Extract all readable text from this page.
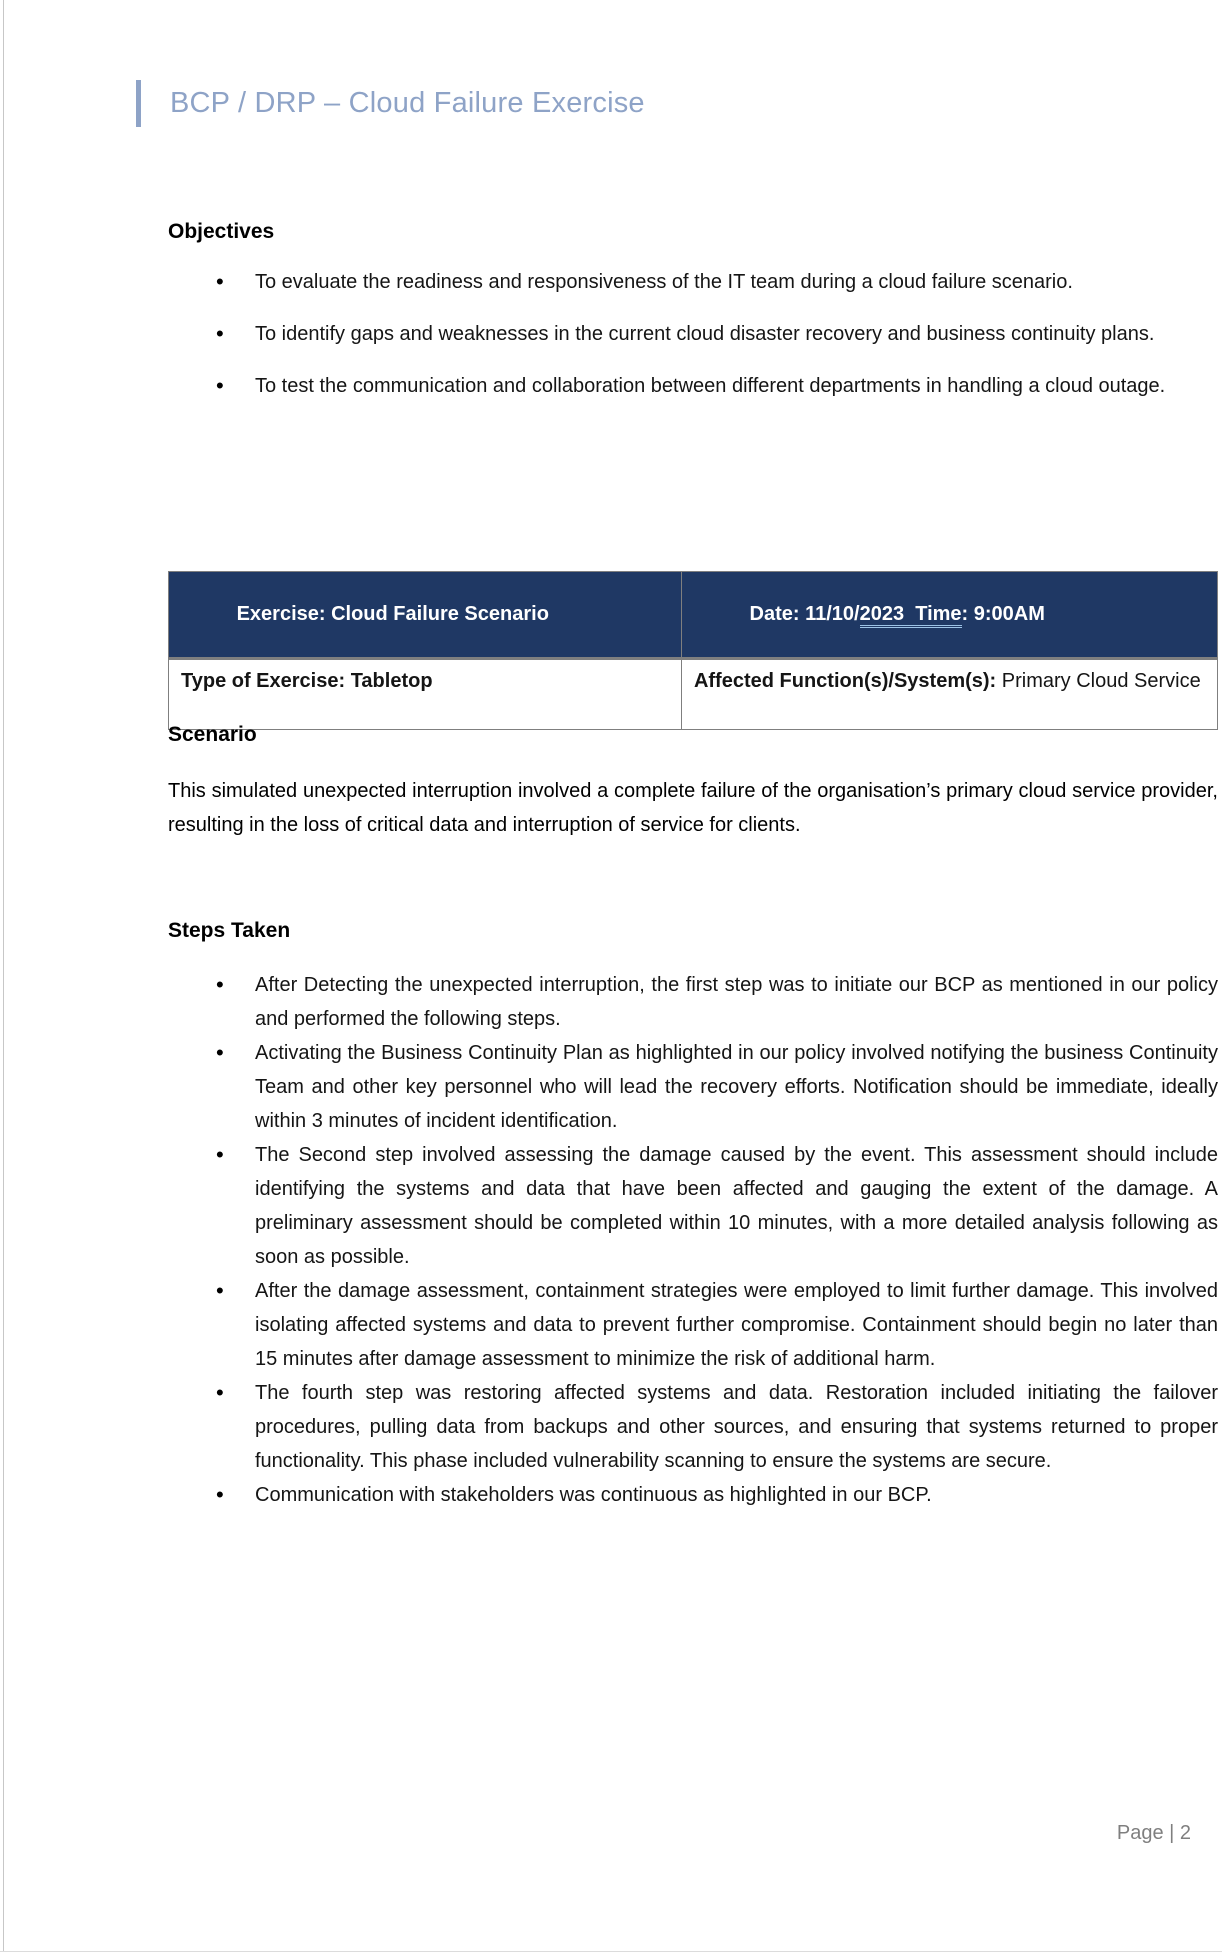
BCP / DRP – Cloud Failure Exercise
Objectives
• To evaluate the readiness and responsiveness of the IT team during a cloud failure scenario.
• To identify gaps and weaknesses in the current cloud disaster recovery and business continuity plans.
• To test the communication and collaboration between different departments in handling a cloud outage.

Exercise: Cloud Failure Scenario	Date: 11/10/2023  Time: 9:00AM

Type of Exercise: Tabletop	Affected Function(s)/System(s): Primary Cloud Service
Scenario
This simulated unexpected interruption involved a complete failure of the organisation’s primary cloud service provider, resulting in the loss of critical data and interruption of service for clients.
Steps Taken
• After Detecting the unexpected interruption, the first step was to initiate our BCP as mentioned in our policy and performed the following steps.
• Activating the Business Continuity Plan as highlighted in our policy involved notifying the business Continuity Team and other key personnel who will lead the recovery efforts. Notification should be immediate, ideally within 3 minutes of incident identification.
• The Second step involved assessing the damage caused by the event. This assessment should include identifying the systems and data that have been affected and gauging the extent of the damage. A preliminary assessment should be completed within 10 minutes, with a more detailed analysis following as soon as possible.
• After the damage assessment, containment strategies were employed to limit further damage. This involved isolating affected systems and data to prevent further compromise. Containment should begin no later than 15 minutes after damage assessment to minimize the risk of additional harm.
• The fourth step was restoring affected systems and data. Restoration included initiating the failover procedures, pulling data from backups and other sources, and ensuring that systems returned to proper functionality. This phase included vulnerability scanning to ensure the systems are secure.
• Communication with stakeholders was continuous as highlighted in our BCP.
Page | 2
